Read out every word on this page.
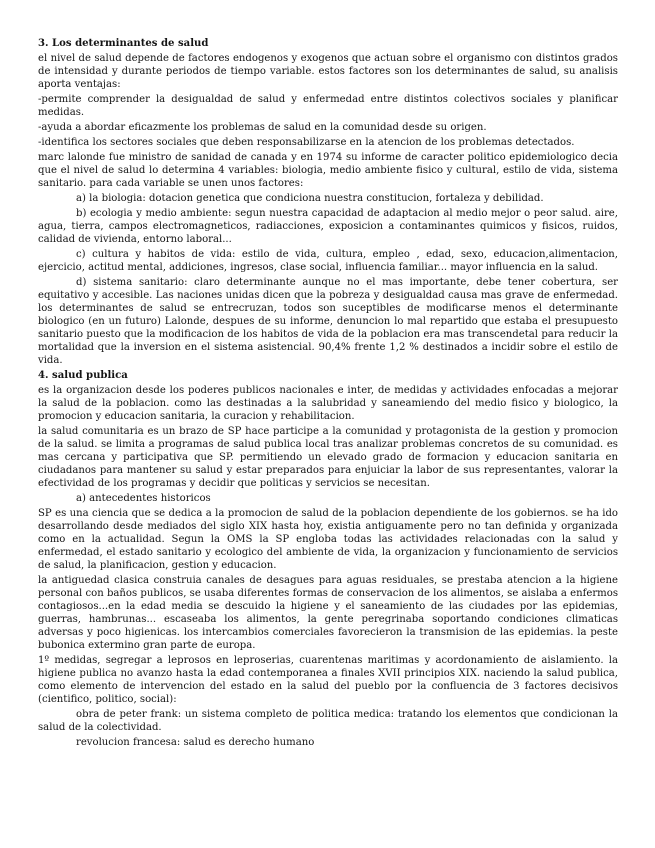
3. Los determinantes de salud

el nivel de salud depende de factores endogenos y exogenos que actuan sobre el organismo con distintos grados de intensidad y durante periodos de tiempo variable. estos factores son los determinantes de salud, su analisis aporta ventajas:

-permite comprender la desigualdad de salud y enfermedad entre distintos colectivos sociales y planificar medidas.

-ayuda a abordar eficazmente los problemas de salud en la comunidad desde su origen.

-identifica los sectores sociales que deben responsabilizarse en la atencion de los problemas detectados.

marc lalonde fue ministro de sanidad de canada y en 1974 su informe de caracter politico epidemiologico decia que el nivel de salud lo determina 4 variables: biologia, medio ambiente fisico y cultural, estilo de vida, sistema sanitario. para cada variable se unen unos factores:

a) la biologia: dotacion genetica que condiciona nuestra constitucion, fortaleza y debilidad.

b) ecologia y medio ambiente: segun nuestra capacidad de adaptacion al medio mejor o peor salud. aire, agua, tierra, campos electromagneticos, radiacciones, exposicion a contaminantes quimicos y fisicos, ruidos, calidad de vivienda, entorno laboral...

c) cultura y habitos de vida: estilo de vida, cultura, empleo , edad, sexo, educacion,alimentacion, ejercicio, actitud mental, addiciones, ingresos, clase social, influencia familiar... mayor influencia en la salud.

d) sistema sanitario: claro determinante aunque no el mas importante, debe tener cobertura, ser equitativo y accesible. Las naciones unidas dicen que la pobreza y desigualdad causa mas grave de enfermedad. los determinantes de salud se entrecruzan, todos son suceptibles de modificarse menos el determinante biologico (en un futuro) Lalonde, despues de su informe, denuncion lo mal repartido que estaba el presupuesto sanitario puesto que la modificacion de los habitos de vida de la poblacion era mas transcendetal para reducir la mortalidad que la inversion en el sistema asistencial. 90,4% frente 1,2 % destinados a incidir sobre el estilo de vida.

4. salud publica

es la organizacion desde los poderes publicos nacionales e inter, de medidas y actividades enfocadas a mejorar la salud de la poblacion. como las destinadas a la salubridad y saneamiendo del medio fisico y biologico, la promocion y educacion sanitaria, la curacion y rehabilitacion.

la salud comunitaria es un brazo de SP hace participe a la comunidad y protagonista de la gestion y promocion de la salud. se limita a programas de salud publica local tras analizar problemas concretos de su comunidad. es mas cercana y participativa que SP. permitiendo un elevado grado de formacion y educacion sanitaria en ciudadanos para mantener su salud y estar preparados para enjuiciar la labor de sus representantes, valorar la efectividad de los programas y decidir que politicas y servicios se necesitan.

a) antecedentes historicos

SP es una ciencia que se dedica a la promocion de salud de la poblacion dependiente de los gobiernos. se ha ido desarrollando desde mediados del siglo XIX hasta hoy, existia antiguamente pero no tan definida y organizada como en la actualidad. Segun la OMS la SP engloba todas las actividades relacionadas con la salud y enfermedad, el estado sanitario y ecologico del ambiente de vida, la organizacion y funcionamiento de servicios de salud, la planificacion, gestion y educacion.

la antiguedad clasica construia canales de desagues para aguas residuales, se prestaba atencion a la higiene personal con baños publicos, se usaba diferentes formas de conservacion de los alimentos, se aislaba a enfermos contagiosos...en la edad media se descuido la higiene y el saneamiento de las ciudades por las epidemias, guerras, hambrunas... escaseaba los alimentos, la gente peregrinaba soportando condiciones climaticas adversas y poco higienicas. los intercambios comerciales favorecieron la transmision de las epidemias. la peste bubonica extermino gran parte de europa.

1º medidas, segregar a leprosos en leproserias, cuarentenas maritimas y acordonamiento de aislamiento. la higiene publica no avanzo hasta la edad contemporanea a finales XVII principios XIX. naciendo la salud publica, como elemento de intervencion del estado en la salud del pueblo por la confluencia de 3 factores decisivos (cientifico, politico, social):

obra de peter frank: un sistema completo de politica medica: tratando los elementos que condicionan la salud de la colectividad.

revolucion francesa: salud es derecho humano
